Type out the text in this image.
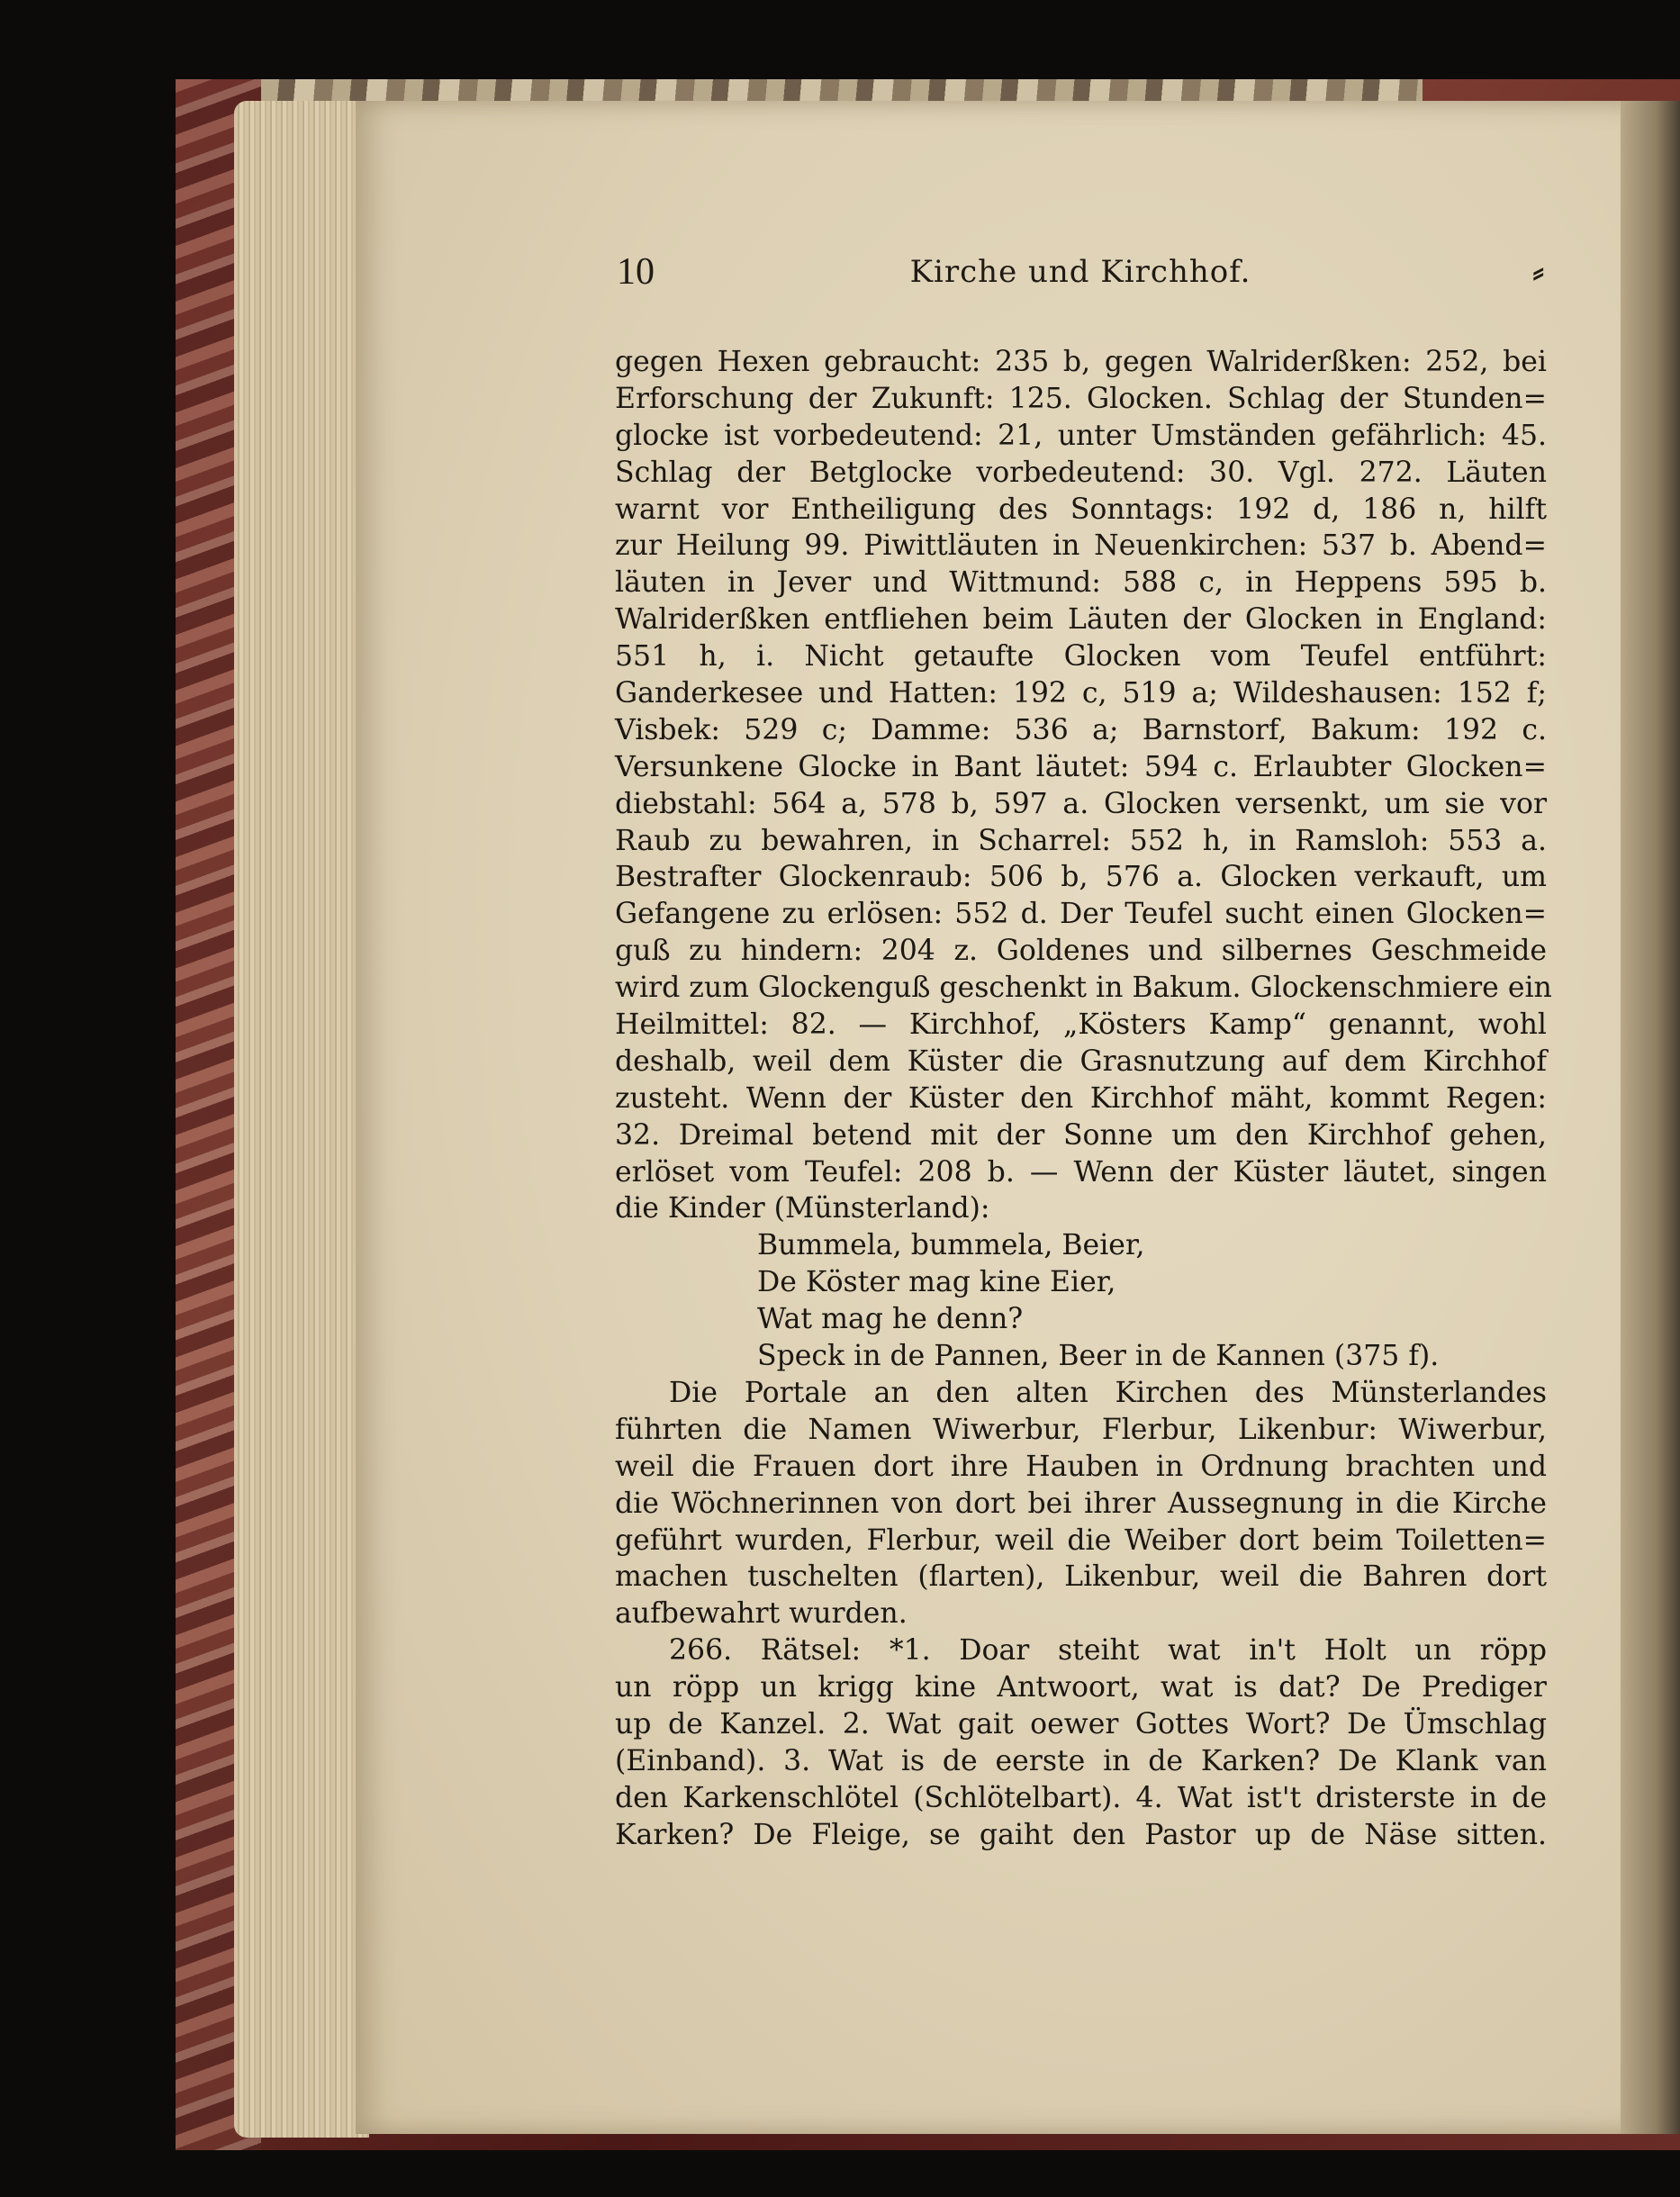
10	Kirche und Kirchhof.	⸗
gegen Hexen gebraucht: 235 b, gegen Walriderßken: 252, bei
Erforschung der Zukunft: 125. Glocken. Schlag der Stunden=
glocke ist vorbedeutend: 21, unter Umständen gefährlich: 45.
Schlag der Betglocke vorbedeutend: 30. Vgl. 272. Läuten
warnt vor Entheiligung des Sonntags: 192 d, 186 n, hilft
zur Heilung 99. Piwittläuten in Neuenkirchen: 537 b. Abend=
läuten in Jever und Wittmund: 588 c, in Heppens 595 b.
Walriderßken entfliehen beim Läuten der Glocken in England:
551 h, i. Nicht getaufte Glocken vom Teufel entführt:
Ganderkesee und Hatten: 192 c, 519 a; Wildeshausen: 152 f;
Visbek: 529 c; Damme: 536 a; Barnstorf, Bakum: 192 c.
Versunkene Glocke in Bant läutet: 594 c. Erlaubter Glocken=
diebstahl: 564 a, 578 b, 597 a. Glocken versenkt, um sie vor
Raub zu bewahren, in Scharrel: 552 h, in Ramsloh: 553 a.
Bestrafter Glockenraub: 506 b, 576 a. Glocken verkauft, um
Gefangene zu erlösen: 552 d. Der Teufel sucht einen Glocken=
guß zu hindern: 204 z. Goldenes und silbernes Geschmeide
wird zum Glockenguß geschenkt in Bakum. Glockenschmiere ein
Heilmittel: 82. — Kirchhof, „Kösters Kamp“ genannt, wohl
deshalb, weil dem Küster die Grasnutzung auf dem Kirchhof
zusteht. Wenn der Küster den Kirchhof mäht, kommt Regen:
32. Dreimal betend mit der Sonne um den Kirchhof gehen,
erlöset vom Teufel: 208 b. — Wenn der Küster läutet, singen
die Kinder (Münsterland):
Bummela, bummela, Beier,
De Köster mag kine Eier,
Wat mag he denn?
Speck in de Pannen, Beer in de Kannen (375 f).
Die Portale an den alten Kirchen des Münsterlandes
führten die Namen Wiwerbur, Flerbur, Likenbur: Wiwerbur,
weil die Frauen dort ihre Hauben in Ordnung brachten und
die Wöchnerinnen von dort bei ihrer Aussegnung in die Kirche
geführt wurden, Flerbur, weil die Weiber dort beim Toiletten=
machen tuschelten (flarten), Likenbur, weil die Bahren dort
aufbewahrt wurden.
266. Rätsel: *1. Doar steiht wat in't Holt un röpp
un röpp un krigg kine Antwoort, wat is dat? De Prediger
up de Kanzel. 2. Wat gait oewer Gottes Wort? De Ümschlag
(Einband). 3. Wat is de eerste in de Karken? De Klank van
den Karkenschlötel (Schlötelbart). 4. Wat ist't dristerste in de
Karken? De Fleige, se gaiht den Pastor up de Näse sitten.
